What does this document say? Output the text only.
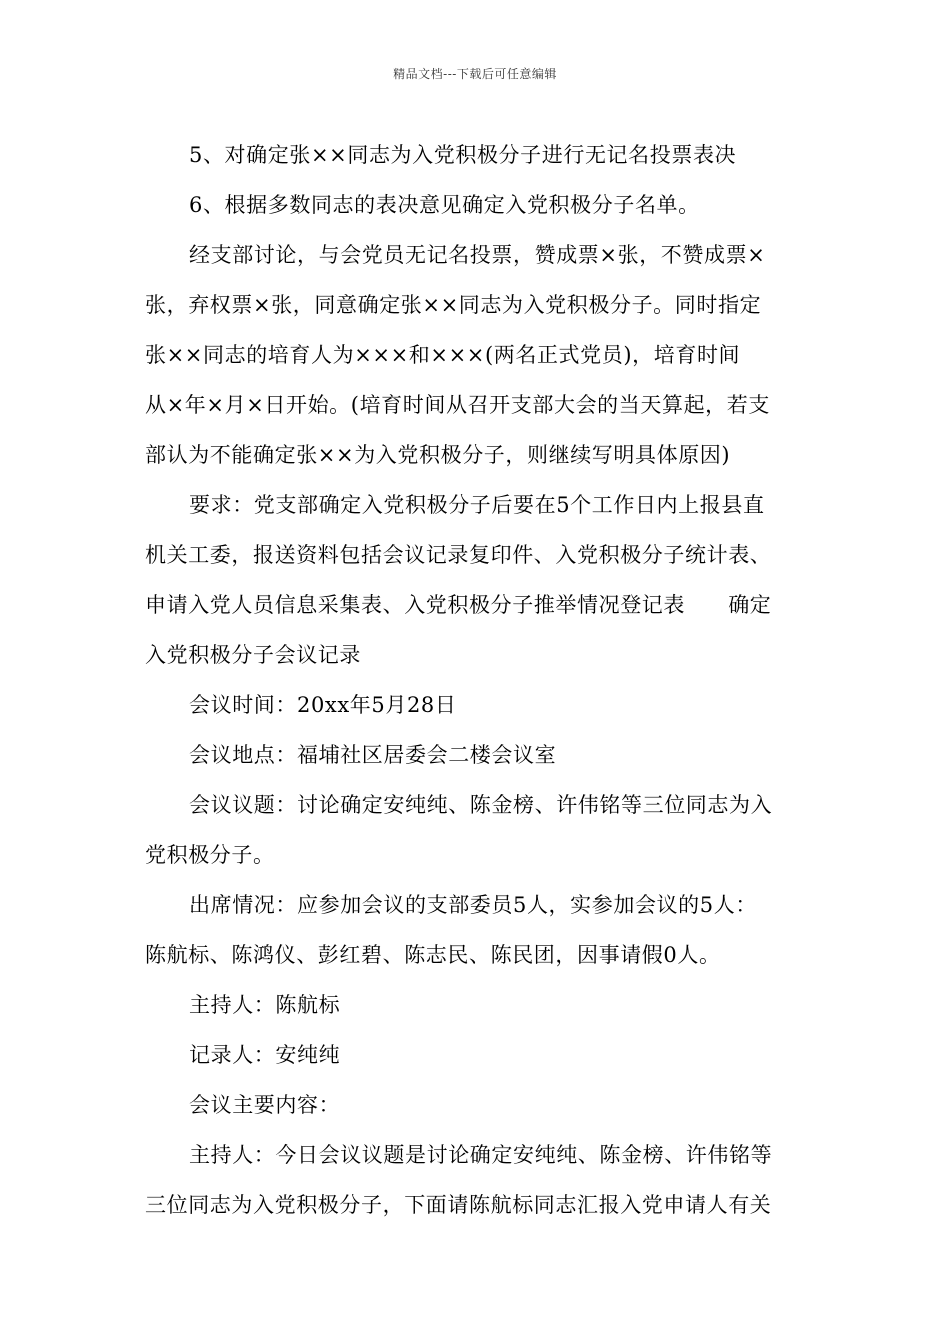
精品文档---下载后可任意编辑
5、对确定张××同志为入党积极分子进行无记名投票表决
6、根据多数同志的表决意见确定入党积极分子名单。
经支部讨论，与会党员无记名投票，赞成票×张，不赞成票×
张，弃权票×张，同意确定张××同志为入党积极分子。同时指定
张××同志的培育人为×××和×××(两名正式党员)，培育时间
从×年×月×日开始。(培育时间从召开支部大会的当天算起，若支
部认为不能确定张××为入党积极分子，则继续写明具体原因)
要求：党支部确定入党积极分子后要在5个工作日内上报县直
机关工委，报送资料包括会议记录复印件、入党积极分子统计表、
申请入党人员信息采集表、入党积极分子推举情况登记表　　确定
入党积极分子会议记录
会议时间：20xx年5月28日
会议地点：福埔社区居委会二楼会议室
会议议题：讨论确定安纯纯、陈金榜、许伟铭等三位同志为入
党积极分子。
出席情况：应参加会议的支部委员5人，实参加会议的5人：
陈航标、陈鸿仪、彭红碧、陈志民、陈民团，因事请假0人。
主持人：陈航标
记录人：安纯纯
会议主要内容：
主持人：今日会议议题是讨论确定安纯纯、陈金榜、许伟铭等
三位同志为入党积极分子，下面请陈航标同志汇报入党申请人有关
